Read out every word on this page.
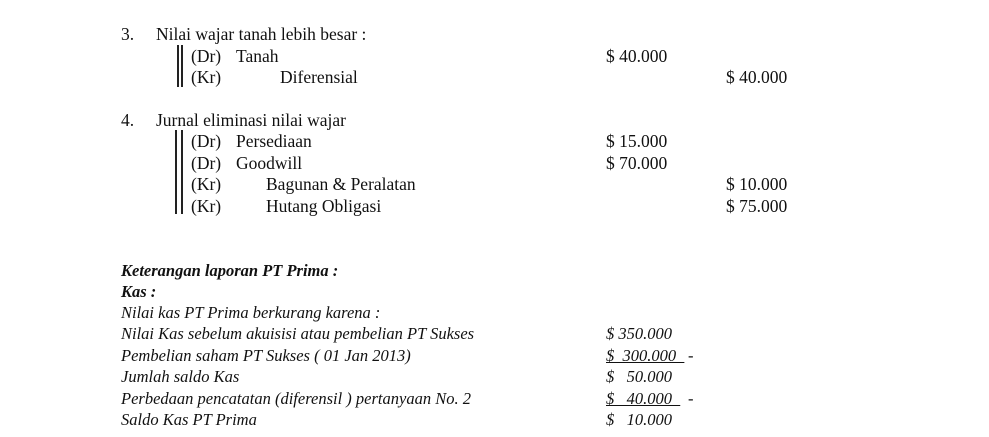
3. Nilai wajar tanah lebih besar :
(Dr) Tanah	$ 40.000
(Kr)	Diferensial	$ 40.000
4. Jurnal eliminasi nilai wajar
(Dr) Persediaan	$ 15.000
(Dr) Goodwill	$ 70.000
(Kr)	Bagunan & Peralatan	$ 10.000
(Kr)	Hutang Obligasi	$ 75.000
Keterangan laporan PT Prima :
Kas :
Nilai kas PT Prima berkurang karena :
Nilai Kas sebelum akuisisi atau pembelian PT Sukses	$ 350.000
Pembelian saham PT Sukses ( 01 Jan 2013)	$  300.000 -
Jumlah saldo Kas	$   50.000
Perbedaan pencatatan (diferensil ) pertanyaan No. 2	$   40.000 -
Saldo Kas PT Prima	$   10.000
